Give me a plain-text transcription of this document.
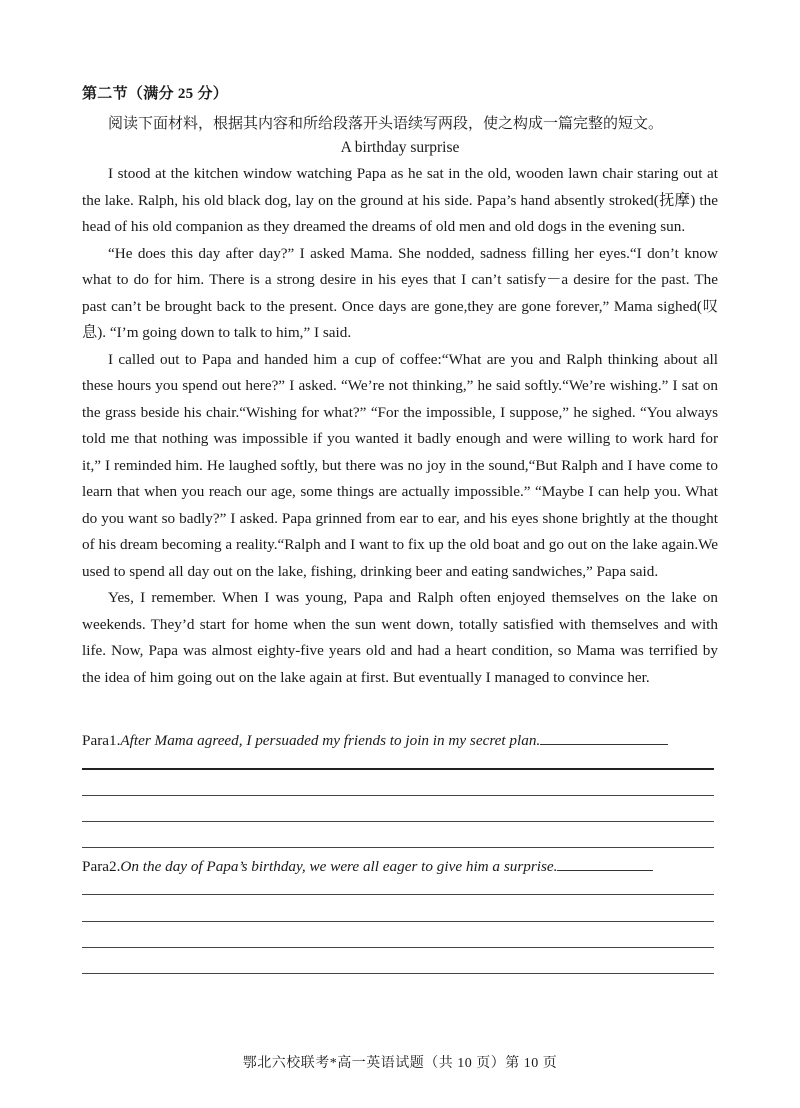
第二节（满分 25 分）
阅读下面材料，根据其内容和所给段落开头语续写两段，使之构成一篇完整的短文。
A birthday surprise

I stood at the kitchen window watching Papa as he sat in the old, wooden lawn chair staring out at the lake. Ralph, his old black dog, lay on the ground at his side. Papa’s hand absently stroked(抚摩) the head of his old companion as they dreamed the dreams of old men and old dogs in the evening sun.

“He does this day after day?” I asked Mama. She nodded, sadness filling her eyes.“I don’t know what to do for him. There is a strong desire in his eyes that I can’t satisfy－a desire for the past. The past can’t be brought back to the present. Once days are gone,they are gone forever,” Mama sighed(叹息). “I’m going down to talk to him,” I said.

I called out to Papa and handed him a cup of coffee:“What are you and Ralph thinking about all these hours you spend out here?” I asked. “We’re not thinking,” he said softly.“We’re wishing.” I sat on the grass beside his chair.“Wishing for what?” “For the impossible, I suppose,” he sighed. “You always told me that nothing was impossible if you wanted it badly enough and were willing to work hard for it,” I reminded him. He laughed softly, but there was no joy in the sound,“But Ralph and I have come to learn that when you reach our age, some things are actually impossible.” “Maybe I can help you. What do you want so badly?” I asked. Papa grinned from ear to ear, and his eyes shone brightly at the thought of his dream becoming a reality.“Ralph and I want to fix up the old boat and go out on the lake again.We used to spend all day out on the lake, fishing, drinking beer and eating sandwiches,” Papa said.

Yes, I remember. When I was young, Papa and Ralph often enjoyed themselves on the lake on weekends. They’d start for home when the sun went down, totally satisfied with themselves and with life. Now, Papa was almost eighty-five years old and had a heart condition, so Mama was terrified by the idea of him going out on the lake again at first. But eventually I managed to convince her.

Para1.After Mama agreed, I persuaded my friends to join in my secret plan.
Para2.On the day of Papa’s birthday, we were all eager to give him a surprise.
鄂北六校联考*高一英语试题（共 10 页）第 10 页
